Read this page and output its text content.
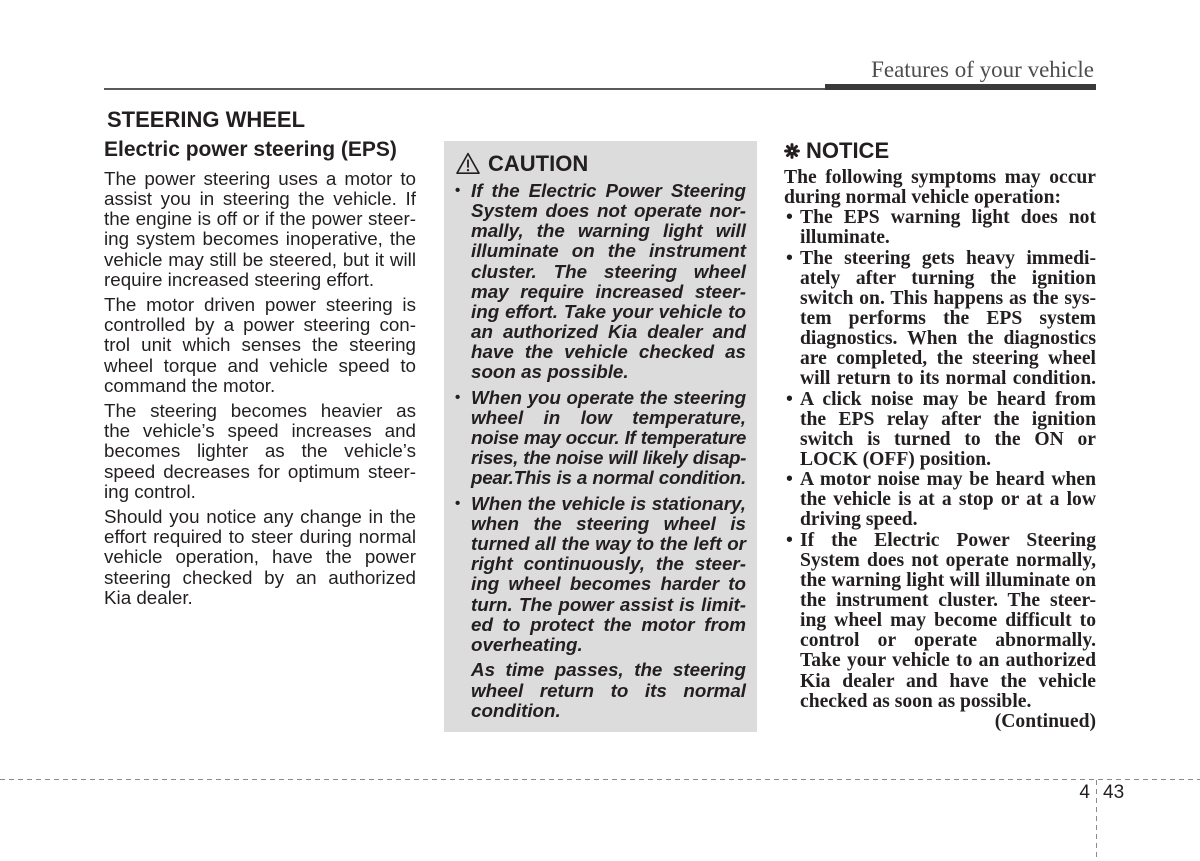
Features of your vehicle
STEERING WHEEL
Electric power steering (EPS)
The power steering uses a motor to
assist you in steering the vehicle. If
the engine is off or if the power steer-
ing system becomes inoperative, the
vehicle may still be steered, but it will
require increased steering effort.
The motor driven power steering is
controlled by a power steering con-
trol unit which senses the steering
wheel torque and vehicle speed to
command the motor.
The steering becomes heavier as
the vehicle’s speed increases and
becomes lighter as the vehicle’s
speed decreases for optimum steer-
ing control.
Should you notice any change in the
effort required to steer during normal
vehicle operation, have the power
steering checked by an authorized
Kia dealer.
CAUTION
• If the Electric Power Steering
System does not operate nor-
mally, the warning light will
illuminate on the instrument
cluster. The steering wheel
may require increased steer-
ing effort. Take your vehicle to
an authorized Kia dealer and
have the vehicle checked as
soon as possible.
• When you operate the steering
wheel in low temperature,
noise may occur. If temperature
rises, the noise will likely disap-
pear.This is a normal condition.
• When the vehicle is stationary,
when the steering wheel is
turned all the way to the left or
right continuously, the steer-
ing wheel becomes harder to
turn. The power assist is limit-
ed to protect the motor from
overheating.
As time passes, the steering
wheel return to its normal
condition.
NOTICE
The following symptoms may occur
during normal vehicle operation:
• The EPS warning light does not
illuminate.
• The steering gets heavy immedi-
ately after turning the ignition
switch on. This happens as the sys-
tem performs the EPS system
diagnostics. When the diagnostics
are completed, the steering wheel
will return to its normal condition.
• A click noise may be heard from
the EPS relay after the ignition
switch is turned to the ON or
LOCK (OFF) position.
• A motor noise may be heard when
the vehicle is at a stop or at a low
driving speed.
• If the Electric Power Steering
System does not operate normally,
the warning light will illuminate on
the instrument cluster. The steer-
ing wheel may become difficult to
control or operate abnormally.
Take your vehicle to an authorized
Kia dealer and have the vehicle
checked as soon as possible.
(Continued)
4 43
